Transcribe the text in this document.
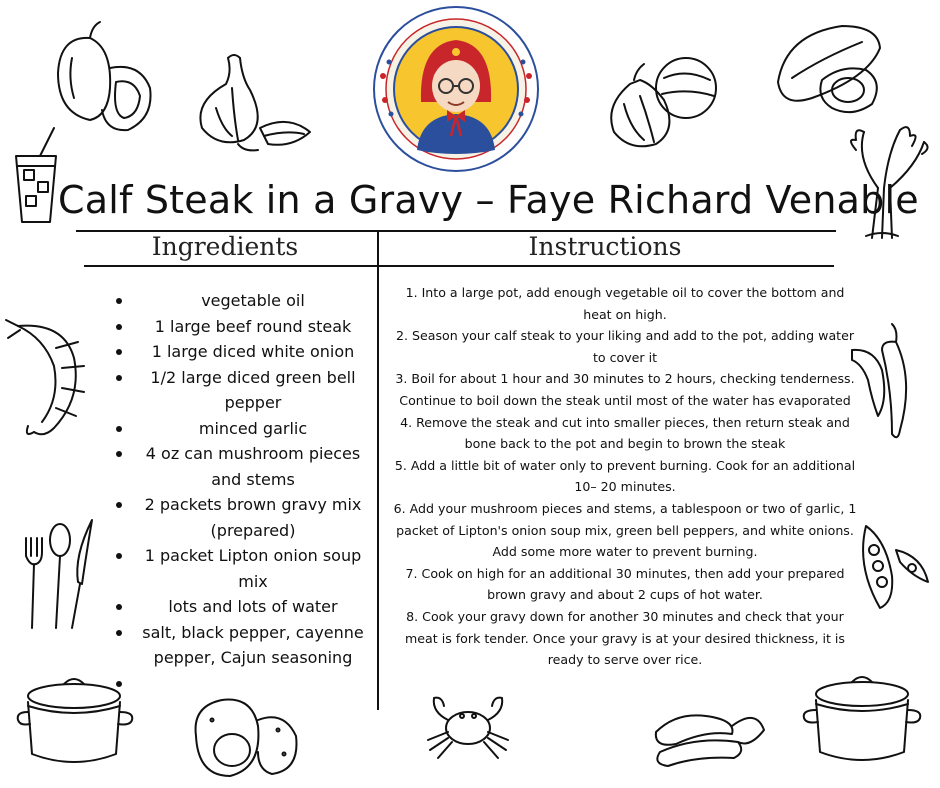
Calf Steak in a Gravy – Faye Richard Venable
Ingredients	Instructions
vegetable oil
1 large beef round steak
1 large diced white onion
1/2 large diced green bell pepper
minced garlic
4 oz can mushroom pieces and stems
2 packets brown gravy mix (prepared)
1 packet Lipton onion soup mix
lots and lots of water
salt, black pepper, cayenne pepper, Cajun seasoning
1. Into a large pot, add enough vegetable oil to cover the bottom and heat on high.
2. Season your calf steak to your liking and add to the pot, adding water to cover it
3. Boil for about 1 hour and 30 minutes to 2 hours, checking tenderness. Continue to boil down the steak until most of the water has evaporated
4. Remove the steak and cut into smaller pieces, then return steak and bone back to the pot and begin to brown the steak
5. Add a little bit of water only to prevent burning. Cook for an additional 10– 20 minutes.
6. Add your mushroom pieces and stems, a tablespoon or two of garlic, 1 packet of Lipton's onion soup mix, green bell peppers, and white onions. Add some more water to prevent burning.
7. Cook on high for an additional 30 minutes, then add your prepared brown gravy and about 2 cups of hot water.
8. Cook your gravy down for another 30 minutes and check that your meat is fork tender. Once your gravy is at your desired thickness, it is ready to serve over rice.
